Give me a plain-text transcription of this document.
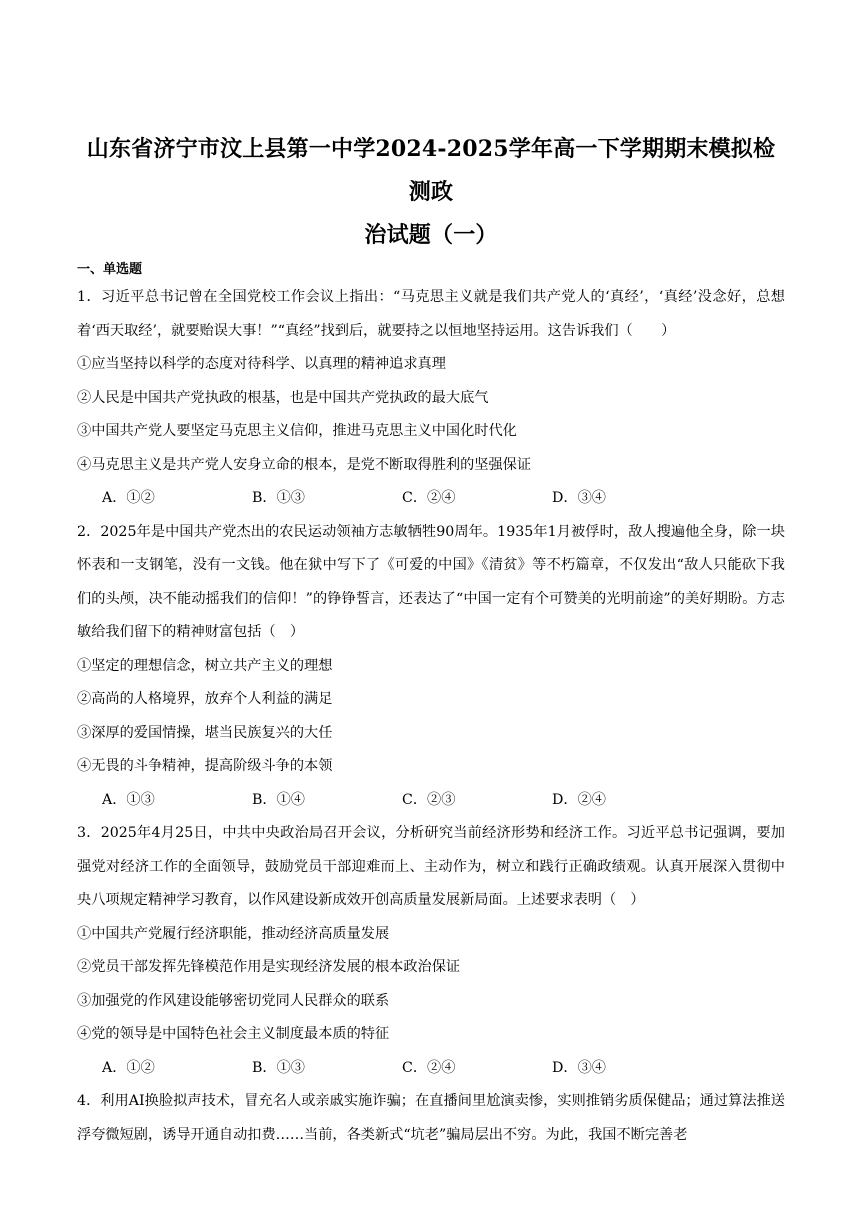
山东省济宁市汶上县第一中学2024-2025学年高一下学期期末模拟检测政
治试题（一）
一、单选题

1．习近平总书记曾在全国党校工作会议上指出：“马克思主义就是我们共产党人的‘真经’，‘真经’没念好，总想着‘西天取经’，就要贻误大事！”“真经”找到后，就要持之以恒地坚持运用。这告诉我们（　　）

①应当坚持以科学的态度对待科学、以真理的精神追求真理

②人民是中国共产党执政的根基，也是中国共产党执政的最大底气

③中国共产党人要坚定马克思主义信仰，推进马克思主义中国化时代化

④马克思主义是共产党人安身立命的根本，是党不断取得胜利的坚强保证

A．①②	B．①③	C．②④	D．③④

2．2025年是中国共产党杰出的农民运动领袖方志敏牺牲90周年。1935年1月被俘时，敌人搜遍他全身，除一块怀表和一支钢笔，没有一文钱。他在狱中写下了《可爱的中国》《清贫》等不朽篇章，不仅发出“敌人只能砍下我们的头颅，决不能动摇我们的信仰！”的铮铮誓言，还表达了“中国一定有个可赞美的光明前途”的美好期盼。方志敏给我们留下的精神财富包括（　）

①坚定的理想信念，树立共产主义的理想

②高尚的人格境界，放弃个人利益的满足

③深厚的爱国情操，堪当民族复兴的大任

④无畏的斗争精神，提高阶级斗争的本领

A．①③	B．①④	C．②③	D．②④

3．2025年4月25日，中共中央政治局召开会议，分析研究当前经济形势和经济工作。习近平总书记强调，要加强党对经济工作的全面领导，鼓励党员干部迎难而上、主动作为，树立和践行正确政绩观。认真开展深入贯彻中央八项规定精神学习教育，以作风建设新成效开创高质量发展新局面。上述要求表明（　）

①中国共产党履行经济职能，推动经济高质量发展

②党员干部发挥先锋模范作用是实现经济发展的根本政治保证

③加强党的作风建设能够密切党同人民群众的联系

④党的领导是中国特色社会主义制度最本质的特征

A．①②	B．①③	C．②④	D．③④

4．利用AI换脸拟声技术，冒充名人或亲戚实施诈骗；在直播间里尬演卖惨，实则推销劣质保健品；通过算法推送浮夸微短剧，诱导开通自动扣费……当前，各类新式“坑老”骗局层出不穷。为此，我国不断完善老
